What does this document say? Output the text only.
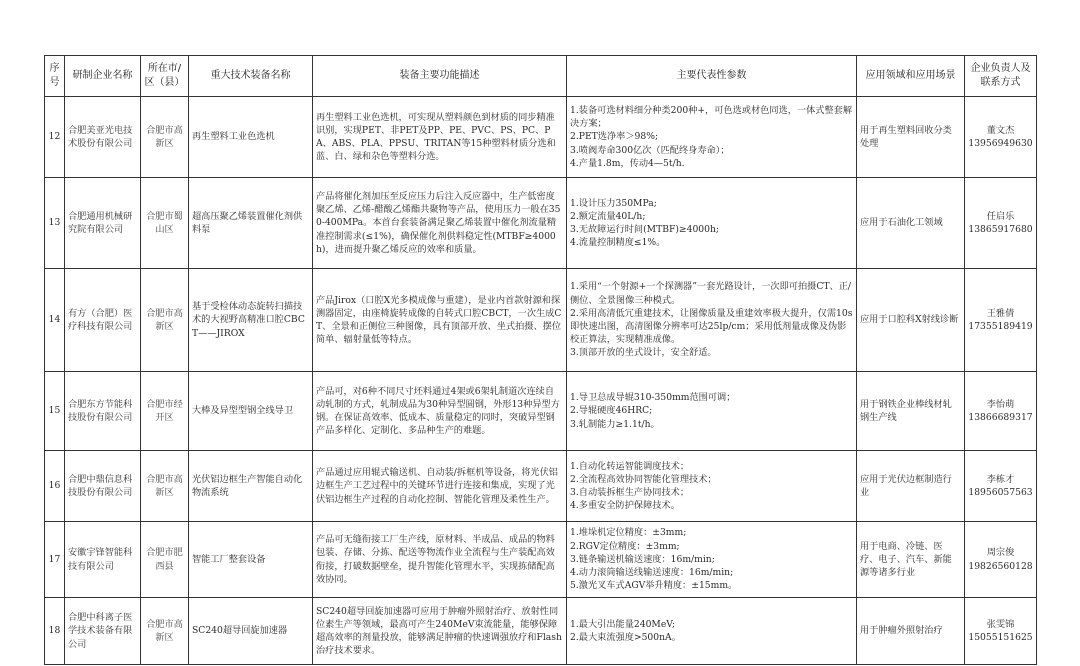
序号	研制企业名称	所在市/区（县）	重大技术装备名称	装备主要功能描述	主要代表性参数	应用领域和应用场景	企业负责人及联系方式
12	合肥美亚光电技术股份有限公司	合肥市高新区	再生塑料工业色选机	再生塑料工业色选机，可实现从塑料颜色到材质的同步精准识别，实现PET、非PET及PP、PE、PVC、PS、PC、PA、ABS、PLA、PPSU、TRITAN等15种塑料材质分选和蓝、白、绿和杂色等塑料分选。	1.装备可选材料细分种类200种+，可色选或材色同选，一体式整套解决方案；
2.PET选净率＞98%;
3.喷阀寿命300亿次（匹配终身寿命）；
4.产量1.8m，传动4—5t/h.	用于再生塑料回收分类处理	董文杰
13956949630

13	合肥通用机械研究院有限公司	合肥市蜀山区	超高压聚乙烯装置催化剂供料泵	产品将催化剂加压至反应压力后注入反应器中，生产低密度聚乙烯、乙烯-醋酸乙烯酯共聚物等产品，使用压力一般在350-400MPa。本首台套装备满足聚乙烯装置中催化剂流量精准控制需求(≤1%)，确保催化剂供料稳定性(MTBF≥4000h)，进而提升聚乙烯反应的效率和质量。	1.设计压力350MPa;
2.额定流量40L/h;
3.无故障运行时间(MTBF)≥4000h;
4.流量控制精度≤1%。	应用于石油化工领域	任启乐
13865917680

14	有方（合肥）医疗科技有限公司	合肥市高新区	基于受检体动态旋转扫描技术的大视野高精准口腔CBCT——JIROX	产品Jirox（口腔X光多模成像与重建），是业内首款射源和探测器固定，由座椅旋转成像的自转式口腔CBCT，一次生成CT、全景和正侧位三种图像，具有顶部开放、坐式拍摄、摆位简单、辐射量低等特点。	1.采用“一个射源+一个探测器”一套光路设计，一次即可拍摄CT、正/侧位、全景图像三种模式。
2.采用高清低冗重建技术，让图像质量及重建效率极大提升，仅需10s即快速出图，高清图像分辨率可达25lp/cm；采用低剂量成像及伪影校正算法，实现精准成像。
3.顶部开放的坐式设计，安全舒适。	应用于口腔科X射线诊断	王雅倩
17355189419

15	合肥东方节能科技股份有限公司	合肥市经开区	大棒及异型型钢全线导卫	产品可，对6种不同尺寸坯料通过4架或6架轧制道次连续自动轧制的方式，轧制成品为30种异型圆钢，外形13种异型方钢。在保证高效率、低成本、质量稳定的同时，突破异型钢产品多样化、定制化、多品种生产的难题。	1.导卫总成导辊310-350mm范围可调；
2.导辊硬度46HRC;
3.轧制能力≥1.1t/h。	用于钢铁企业棒线材轧钢生产线	李怡萌
13866689317

16	合肥中鼎信息科技股份有限公司	合肥市高新区	光伏铝边框生产智能自动化物流系统	产品通过应用辊式输送机、自动装/拆框机等设备，将光伏铝边框生产工艺过程中的关键环节进行连接和集成，实现了光伏铝边框生产过程的自动化控制、智能化管理及柔性生产。	1.自动化转运智能调度技术；
2.全流程高效协同智能化管理技术；
3.自动装拆框生产协同技术；
4.多重安全防护保障技术。	应用于光伏边框制造行业	李栋才
18956057563

17	安徽宇锋智能科技有限公司	合肥市肥西县	智能工厂整套设备	产品可无缝衔接工厂生产线，原材料、半成品、成品的物料包装、存储、分拣、配送等物流作业全流程与生产装配高效衔接，打破数据壁垒，提升智能化管理水平，实现拣储配高效协同。	1.堆垛机定位精度：±3mm;
2.RGV定位精度：±3mm;
3.链条输送机输送速度：16m/min;
4.动力滚筒输送线输送速度：16m/min;
5.激光叉车式AGV举升精度：±15mm。	用于电商、冷链、医疗、电子、汽车、新能源等诸多行业	周宗俊
19826560128

18	合肥中科离子医学技术装备有限公司	合肥市高新区	SC240超导回旋加速器	SC240超导回旋加速器可应用于肿瘤外照射治疗、放射性同位素生产等领域，最高可产生240MeV束流能量，能够保障超高效率的剂量投放，能够满足肿瘤的快速调强放疗和Flash治疗技术要求。	1.最大引出能量240MeV;
2.最大束流强度>500nA。	用于肿瘤外照射治疗	张雯锦
15055151625
